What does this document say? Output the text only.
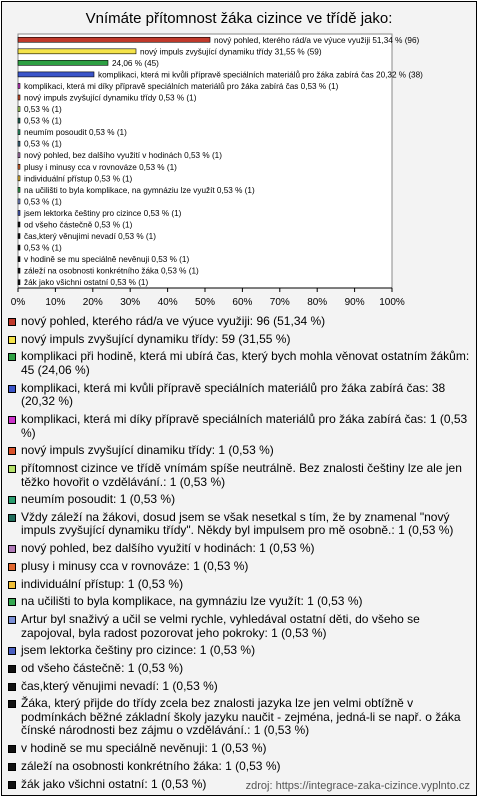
Vnímáte přítomnost žáka cizince ve třídě jako:
nový pohled, kterého rád/a ve výuce využiji 51,34 % (96)
nový impuls zvyšující dynamiku třídy 31,55 % (59)
24,06 % (45)
komplikaci, která mi kvůli přípravě speciálních materiálů pro žáka zabírá čas 20,32 % (38)
komplikaci, která mi díky přípravě speciálních materiálů pro žáka zabírá čas 0,53 % (1)
nový impuls zvyšující dynamiku třídy 0,53 % (1)
0,53 % (1)
0,53 % (1)
neumím posoudit 0,53 % (1)
0,53 % (1)
nový pohled, bez dalšího využití v hodinách 0,53 % (1)
plusy i minusy cca v rovnováze 0,53 % (1)
individuální přístup 0,53 % (1)
na učilišti to byla komplikace, na gymnáziu lze využít 0,53 % (1)
0,53 % (1)
jsem lektorka češtiny pro cizince 0,53 % (1)
od všeho částečně 0,53 % (1)
čas,který věnujimi nevadí 0,53 % (1)
0,53 % (1)
v hodině se mu speciálně nevěnuji 0,53 % (1)
záleží na osobnosti konkrétního žáka 0,53 % (1)
žák jako všichni ostatní 0,53 % (1)
0% 10% 20% 30% 40% 50% 60% 70% 80% 90% 100%
nový pohled, kterého rád/a ve výuce využiji: 96 (51,34 %)
nový impuls zvyšující dynamiku třídy: 59 (31,55 %)
komplikaci při hodině, která mi ubírá čas, který bych mohla věnovat ostatním žákům: 45 (24,06 %)
komplikaci, která mi kvůli přípravě speciálních materiálů pro žáka zabírá čas: 38 (20,32 %)
komplikaci, která mi díky přípravě speciálních materiálů pro žáka zabírá čas: 1 (0,53 %)
nový impuls zvyšující dinamiku třídy: 1 (0,53 %)
přítomnost cizince ve třídě vnímám spíše neutrálně. Bez znalosti češtiny lze ale jen těžko hovořit o vzdělávání.: 1 (0,53 %)
neumím posoudit: 1 (0,53 %)
Vždy záleží na žákovi, dosud jsem se však nesetkal s tím, že by znamenal "nový impuls zvyšující dynamiku třídy". Někdy byl impulsem pro mě osobně.: 1 (0,53 %)
nový pohled, bez dalšího využití v hodinách: 1 (0,53 %)
plusy i minusy cca v rovnováze: 1 (0,53 %)
individuální přístup: 1 (0,53 %)
na učilišti to byla komplikace, na gymnáziu lze využít: 1 (0,53 %)
Artur byl snaživý a učil se velmi rychle, vyhledával ostatní děti, do všeho se zapojoval, byla radost pozorovat jeho pokroky: 1 (0,53 %)
jsem lektorka češtiny pro cizince: 1 (0,53 %)
od všeho částečně: 1 (0,53 %)
čas,který věnujimi nevadí: 1 (0,53 %)
Žáka, který přijde do třídy zcela bez znalosti jazyka lze jen velmi obtížně v podmínkách běžné základní školy jazyku naučit - zejména, jedná-li se např. o žáka čínské národnosti bez zájmu o vzdělávání.: 1 (0,53 %)
v hodině se mu speciálně nevěnuji: 1 (0,53 %)
záleží na osobnosti konkrétního žáka: 1 (0,53 %)
žák jako všichni ostatní: 1 (0,53 %)	zdroj: https://integrace-zaka-cizince.vyplnto.cz
